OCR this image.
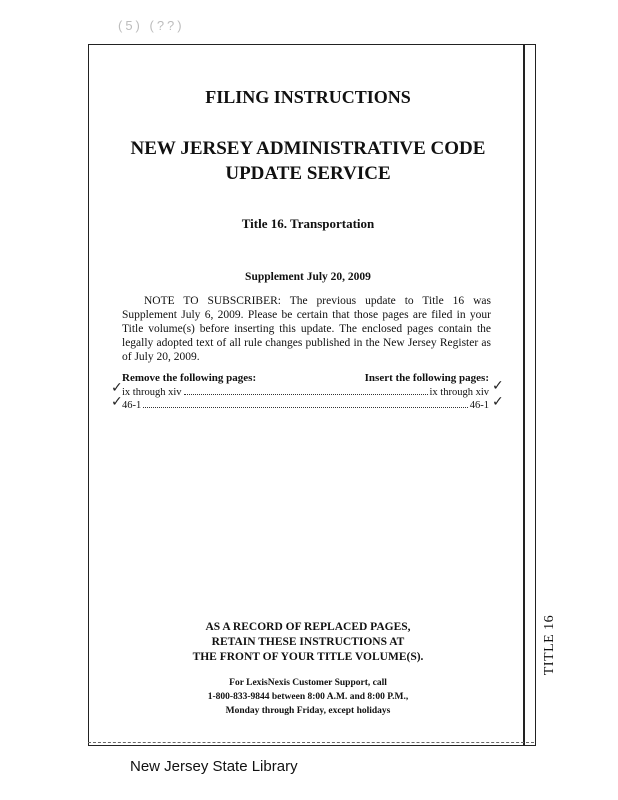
(5) (??)
FILING INSTRUCTIONS
NEW JERSEY ADMINISTRATIVE CODE
UPDATE SERVICE
Title 16. Transportation
Supplement July 20, 2009
NOTE TO SUBSCRIBER: The previous update to Title 16 was Supplement July 6, 2009. Please be certain that those pages are filed in your Title volume(s) before inserting this update. The enclosed pages contain the legally adopted text of all rule changes published in the New Jersey Register as of July 20, 2009.
Remove the following pages:	Insert the following pages:
ix through xiv	ix through xiv
46-1	46-1
✓
✓
✓
✓
AS A RECORD OF REPLACED PAGES,
RETAIN THESE INSTRUCTIONS AT
THE FRONT OF YOUR TITLE VOLUME(S).
For LexisNexis Customer Support, call
1-800-833-9844 between 8:00 A.M. and 8:00 P.M.,
Monday through Friday, except holidays
TITLE 16
New Jersey State Library
